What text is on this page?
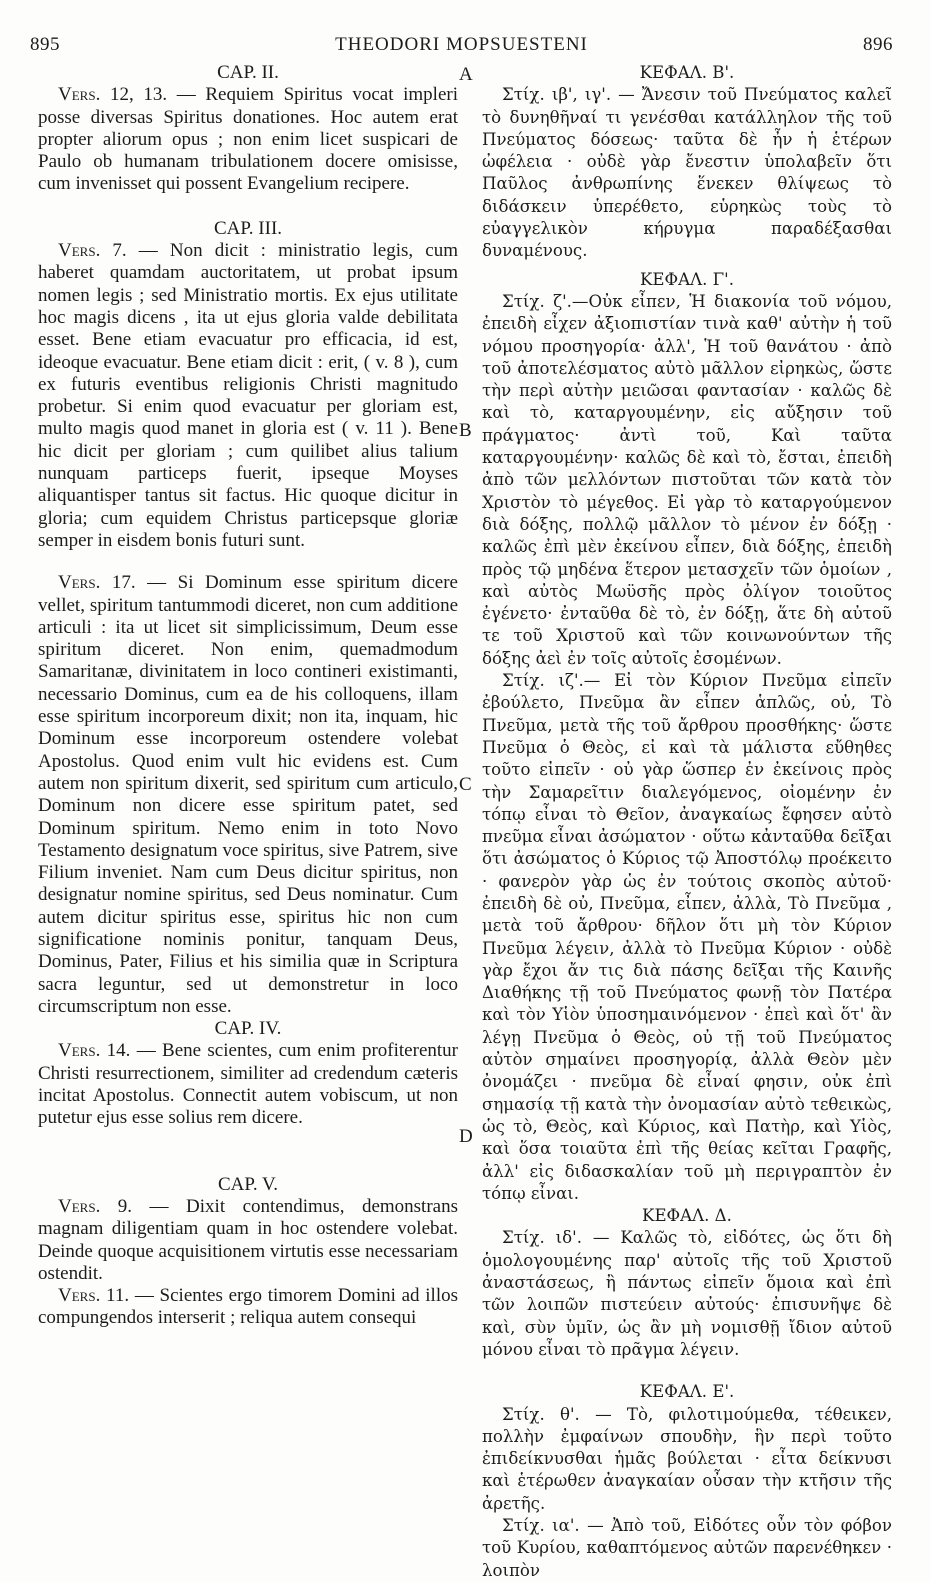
895	THEODORI MOPSUESTENI	896
A
B
C
D

CAP. II.

Vers. 12, 13. — Requiem Spiritus vocat impleri posse diversas Spiritus donationes. Hoc autem erat propter aliorum opus ; non enim licet suspicari de Paulo ob humanam tribulationem docere omisisse, cum invenisset qui possent Evangelium recipere.

CAP. III.

Vers. 7. — Non dicit : ministratio legis, cum haberet quamdam auctoritatem, ut probat ipsum nomen legis ; sed Ministratio mortis. Ex ejus utilitate hoc magis dicens , ita ut ejus gloria valde debilitata esset. Bene etiam evacuatur pro efficacia, id est, ideoque evacuatur. Bene etiam dicit : erit, ( v. 8 ), cum ex futuris eventibus religionis Christi magnitudo probetur. Si enim quod evacuatur per gloriam est, multo magis quod manet in gloria est ( v. 11 ). Bene hic dicit per gloriam ; cum quilibet alius talium nunquam particeps fuerit, ipseque Moyses aliquantisper tantus sit factus. Hic quoque dicitur in gloria; cum equidem Christus particepsque gloriæ semper in eisdem bonis futuri sunt.

Vers. 17. — Si Dominum esse spiritum dicere vellet, spiritum tantummodi diceret, non cum additione articuli : ita ut licet sit simplicissimum, Deum esse spiritum diceret. Non enim, quemadmodum Samaritanæ, divinitatem in loco contineri existimanti, necessario Dominus, cum ea de his colloquens, illam esse spiritum incorporeum dixit; non ita, inquam, hic Dominum esse incorporeum ostendere volebat Apostolus. Quod enim vult hic evidens est. Cum autem non spiritum dixerit, sed spiritum cum articulo, Dominum non dicere esse spiritum patet, sed Dominum spiritum. Nemo enim in toto Novo Testamento designatum voce spiritus, sive Patrem, sive Filium inveniet. Nam cum Deus dicitur spiritus, non designatur nomine spiritus, sed Deus nominatur. Cum autem dicitur spiritus esse, spiritus hic non cum significatione nominis ponitur, tanquam Deus, Dominus, Pater, Filius et his similia quæ in Scriptura sacra leguntur, sed ut demonstretur in loco circumscriptum non esse.

CAP. IV.

Vers. 14. — Bene scientes, cum enim profiterentur Christi resurrectionem, similiter ad credendum cæteris incitat Apostolus. Connectit autem vobiscum, ut non putetur ejus esse solius rem dicere.

CAP. V.

Vers. 9. — Dixit contendimus, demonstrans magnam diligentiam quam in hoc ostendere volebat. Deinde quoque acquisitionem virtutis esse necessariam ostendit.

Vers. 11. — Scientes ergo timorem Domini ad illos compungendos interserit ; reliqua autem consequi

ΚΕΦΑΛ. Β'.

Στίχ. ιβ', ιγ'. — Ἄνεσιν τοῦ Πνεύματος καλεῖ τὸ δυνηθῆναί τι γενέσθαι κατάλληλον τῆς τοῦ Πνεύματος δόσεως· ταῦτα δὲ ἦν ἡ ἑτέρων ὠφέλεια · οὐδὲ γὰρ ἔνεστιν ὑπολαβεῖν ὅτι Παῦλος ἀνθρωπίνης ἕνεκεν θλίψεως τὸ διδάσκειν ὑπερέθετο, εὑρηκὼς τοὺς τὸ εὐαγγελικὸν κήρυγμα παραδέξασθαι δυναμένους.

ΚΕΦΑΛ. Γ'.

Στίχ. ζ'.—Οὐκ εἶπεν, Ἡ διακονία τοῦ νόμου, ἐπειδὴ εἶχεν ἀξιοπιστίαν τινὰ καθ' αὐτὴν ἡ τοῦ νόμου προσηγορία· ἀλλ', Ἡ τοῦ θανάτου · ἀπὸ τοῦ ἀποτελέσματος αὐτὸ μᾶλλον εἰρηκὼς, ὥστε τὴν περὶ αὐτὴν μειῶσαι φαντασίαν · καλῶς δὲ καὶ τὸ, καταργουμένην, εἰς αὔξησιν τοῦ πράγματος· ἀντὶ τοῦ, Καὶ ταῦτα καταργουμένην· καλῶς δὲ καὶ τὸ, ἔσται, ἐπειδὴ ἀπὸ τῶν μελλόντων πιστοῦται τῶν κατὰ τὸν Χριστὸν τὸ μέγεθος. Εἰ γὰρ τὸ καταργούμενον διὰ δόξης, πολλῷ μᾶλλον τὸ μένον ἐν δόξῃ · καλῶς ἐπὶ μὲν ἐκείνου εἶπεν, διὰ δόξης, ἐπειδὴ πρὸς τῷ μηδένα ἕτερον μετασχεῖν τῶν ὁμοίων , καὶ αὐτὸς Μωϋσῆς πρὸς ὀλίγον τοιοῦτος ἐγένετο· ἐνταῦθα δὲ τὸ, ἐν δόξῃ, ἅτε δὴ αὐτοῦ τε τοῦ Χριστοῦ καὶ τῶν κοινωνούντων τῆς δόξης ἀεὶ ἐν τοῖς αὐτοῖς ἐσομένων.

Στίχ. ιζ'.— Εἰ τὸν Κύριον Πνεῦμα εἰπεῖν ἐβούλετο, Πνεῦμα ἂν εἶπεν ἁπλῶς, οὐ, Τὸ Πνεῦμα, μετὰ τῆς τοῦ ἄρθρου προσθήκης· ὥστε Πνεῦμα ὁ Θεὸς, εἰ καὶ τὰ μάλιστα εὔθηθες τοῦτο εἰπεῖν · οὐ γὰρ ὥσπερ ἐν ἐκείνοις πρὸς τὴν Σαμαρεῖτιν διαλεγόμενος, οἰομένην ἐν τόπῳ εἶναι τὸ Θεῖον, ἀναγκαίως ἔφησεν αὐτὸ πνεῦμα εἶναι ἀσώματον · οὕτω κἀνταῦθα δεῖξαι ὅτι ἀσώματος ὁ Κύριος τῷ Ἀποστόλῳ προέκειτο · φανερὸν γὰρ ὡς ἐν τούτοις σκοπὸς αὐτοῦ· ἐπειδὴ δὲ οὐ, Πνεῦμα, εἶπεν, ἀλλὰ, Τὸ Πνεῦμα , μετὰ τοῦ ἄρθρου· δῆλον ὅτι μὴ τὸν Κύριον Πνεῦμα λέγειν, ἀλλὰ τὸ Πνεῦμα Κύριον · οὐδὲ γὰρ ἔχοι ἄν τις διὰ πάσης δεῖξαι τῆς Καινῆς Διαθήκης τῇ τοῦ Πνεύματος φωνῇ τὸν Πατέρα καὶ τὸν Υἱὸν ὑποσημαινόμενον · ἐπεὶ καὶ ὅτ' ἂν λέγῃ Πνεῦμα ὁ Θεὸς, οὐ τῇ τοῦ Πνεύματος αὐτὸν σημαίνει προσηγορίᾳ, ἀλλὰ Θεὸν μὲν ὀνομάζει · πνεῦμα δὲ εἶναί φησιν, οὐκ ἐπὶ σημασίᾳ τῇ κατὰ τὴν ὀνομασίαν αὐτὸ τεθεικὼς, ὡς τὸ, Θεὸς, καὶ Κύριος, καὶ Πατὴρ, καὶ Υἱὸς, καὶ ὅσα τοιαῦτα ἐπὶ τῆς θείας κεῖται Γραφῆς, ἀλλ' εἰς διδασκαλίαν τοῦ μὴ περιγραπτὸν ἐν τόπῳ εἶναι.

ΚΕΦΑΛ. Δ.

Στίχ. ιδ'. — Καλῶς τὸ, εἰδότες, ὡς ὅτι δὴ ὁμολογουμένης παρ' αὐτοῖς τῆς τοῦ Χριστοῦ ἀναστάσεως, ἢ πάντως εἰπεῖν ὅμοια καὶ ἐπὶ τῶν λοιπῶν πιστεύειν αὐτούς· ἐπισυνῆψε δὲ καὶ, σὺν ὑμῖν, ὡς ἂν μὴ νομισθῇ ἴδιον αὐτοῦ μόνου εἶναι τὸ πρᾶγμα λέγειν.

ΚΕΦΑΛ. Ε'.

Στίχ. θ'. — Τὸ, φιλοτιμούμεθα, τέθεικεν, πολλὴν ἐμφαίνων σπουδὴν, ἣν περὶ τοῦτο ἐπιδείκνυσθαι ἡμᾶς βούλεται · εἶτα δείκνυσι καὶ ἑτέρωθεν ἀναγκαίαν οὖσαν τὴν κτῆσιν τῆς ἀρετῆς.

Στίχ. ια'. — Ἀπὸ τοῦ, Εἰδότες οὖν τὸν φόβον τοῦ Κυρίου, καθαπτόμενος αὐτῶν παρενέθηκεν · λοιπὸν
